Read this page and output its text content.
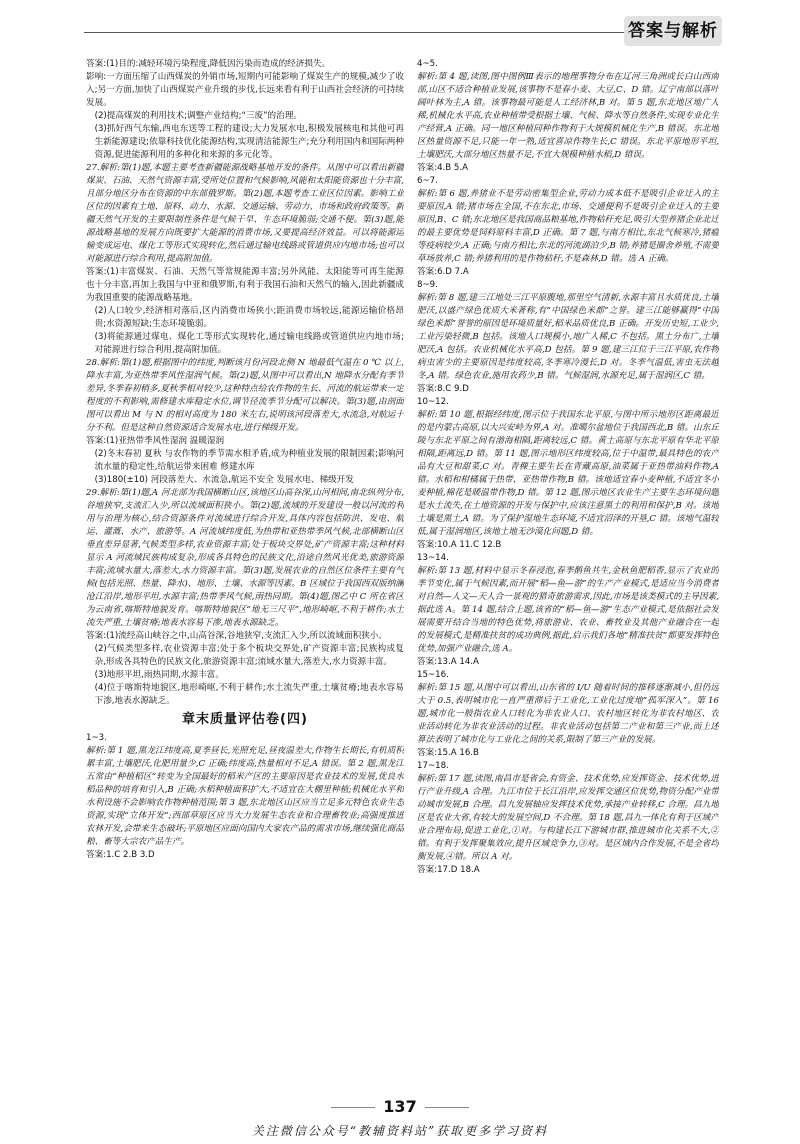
答案与解析

答案:(1)目的:减轻环境污染程度,降低因污染而造成的经济损失。

影响:一方面压缩了山西煤炭的外销市场,短期内可能影响了煤炭生产的规模,减少了收入;另一方面,加快了山西煤炭产业升级的步伐,长远来看有利于山西社会经济的可持续发展。

(2)提高煤炭的利用技术;调整产业结构;“三废”的治理。

(3)抓好西气东输,西电东送等工程的建设;大力发展水电,积极发展核电和其他可再生新能源建设;依靠科技优化能源结构,实现清洁能源生产;充分利用国内和国际两种资源,促进能源利用的多种化和来源的多元化等。

27.解析:第(1)题,本题主要考查新疆能源战略基地开发的条件。从图中可以看出新疆煤炭、石油、天然气资源丰富,受所处位置和气候影响,风能和太阳能资源也十分丰富,且部分地区分布在资源的中东部俄罗斯。第(2)题,本题考查工业区位因素。影响工业区位的因素有土地、原料、动力、水源、交通运输、劳动力、市场和政府政策等。新疆天然气开发的主要限制性条件是气候干旱、生态环境脆弱;交通不便。第(3)题,能源战略基地的发展方向既要扩大能源的消费市场,又要提高经济效益。可以将能源运输变成运电、煤化工等形式实现转化,然后通过输电线路或管道供应内地市场;也可以对能源进行综合利用,提高附加值。

答案:(1)丰富煤炭、石油、天然气等常规能源丰富;另外风能、太阳能等可再生能源也十分丰富,再加上我国与中亚和俄罗斯,有利于我国石油和天然气的输入,因此新疆成为我国重要的能源战略基地。

(2)人口较少,经济相对落后,区内消费市场狭小;距消费市场较远,能源运输价格昂贵;水资源短缺;生态环境脆弱。

(3)将能源通过煤电、煤化工等形式实现转化,通过输电线路或管道供应内地市场;对能源进行综合利用,提高附加值。

28.解析:第(1)题,根据图中的纬度,判断该月份河段北侧 N 地最低气温在 0 ℃ 以上,降水丰富,为亚热带季风性湿润气候。第(2)题,从图中可以看出,N 地降水分配有季节差异,冬季春初稍多,夏秋季相对较少,这种特点给农作物的生长、河流的航运带来一定程度的不利影响,需修建水库稳定水位,调节径流季节分配可以解决。第(3)题,由剖面图可以看出 M 与 N 的相对高度为 180 米左右,说明该河段落差大,水流急,对航运十分不利。但是这种自然资源适合发展水电,进行梯级开发。

答案:(1)亚热带季风性湿润 温暖湿润

(2)冬末春初 夏秋 与农作物的季节需水相矛盾,成为种植业发展的限制因素;影响河流水量的稳定性,给航运带来困难 修建水库

(3)180(±10) 河段落差大、水流急,航运不安全 发展水电、梯级开发

29.解析:第(1)题,A 河北部为我国横断山区,该地区山高谷深,山河相间,南北纵列分布,谷地狭窄,支流汇入少,所以流域面积狭小。第(2)题,流域的开发建设一般以河流的利用与治理为核心,结合资源条件对流域进行综合开发,具体内容包括防洪、发电、航运、灌溉、水产、旅游等。A 河流域纬度低,为热带和亚热带季风气候,北部横断山区垂直差异显著,气候类型多样,农业资源丰富;处于板块交界处,矿产资源丰富;这种材料显示 A 河流域民族构成复杂,形成各具特色的民族文化,沿途自然风光优美,旅游资源丰富;流域水量大,落差大,水力资源丰富。第(3)题,发展农业的自然区位条件主要有气候(包括光照、热量、降水)、地形、土壤、水源等因素。B 区域位于我国西双版纳澜沧江沿岸,地形平坦,水源丰富;热带季风气候,雨热同期。第(4)题,图乙中 C 所在省区为云南省,喀斯特地貌发育。喀斯特地貌区“地无三尺平”,地形崎岖,不利于耕作;水土流失严重,土壤贫瘠;地表水容易下渗,地表水源缺乏。

答案:(1)流经高山峡谷之中,山高谷深,谷地狭窄,支流汇入少,所以流域面积狭小。

(2)气候类型多样,农业资源丰富;处于多个板块交界处,矿产资源丰富;民族构成复杂,形成各具特色的民族文化,旅游资源丰富;流域水量大,落差大,水力资源丰富。

(3)地形平坦,雨热同期,水源丰富。

(4)位于喀斯特地貌区,地形崎岖,不利于耕作;水土流失严重,土壤贫瘠;地表水容易下渗,地表水源缺乏。

章末质量评估卷(四)

1~3.

解析:第 1 题,黑龙江纬度高,夏季昼长,光照充足,昼夜温差大,作物生长期长,有机质积累丰富,土壤肥沃,化肥用量少,C 正确;纬度高,热量相对不足,A 错误。第 2 题,黑龙江五常由“种植稻区”转变为全国最好的稻米产区的主要原因是农业技术的发展,优良水稻品种的培育和引入,B 正确;水稻种植面积扩大,不适宜在大棚里种植;机械化水平和水利设施不会影响农作物种植范围;第 3 题,东北地区山区应当立足多元特色农业生态资源,实现“立体开发”;西部草原区应当大力发展生态农业和合理畜牧业;高强度推进农林开发,会带来生态破坏;平原地区应面向国内大家农产品的需求市场,继续强化商品粮、畜等大宗农产品生产。

答案:1.C 2.B 3.D

4~5.

解析:第 4 题,读图,图中图例Ⅲ表示的地理事物分布在辽河三角洲或长白山西南部,山区不适合种植业发展,该事物不是春小麦、大豆,C、D 错。辽宁南部以落叶阔叶林为主,A 错。该事物最可能是人工经济林,B 对。第 5 题,东北地区地广人稀,机械化水平高,农业种植带受根据土壤、气候、降水等自然条件,实现专业化生产经营,A 正确。同一地区种植同种作物利于大规模机械化生产,B 错误。东北地区热量资源不足,只能一年一熟,适宜喜凉作物生长,C 错误。东北平原地形平坦,土壤肥沃,大部分地区热量不足,不宜大规模种植水稻,D 错误。

答案:4.B 5.A

6~7.

解析:第 6 题,养猪业不是劳动密集型企业,劳动力成本低不是吸引企业迁入的主要原因,A 错;猪市场在全国,不在东北,市场、交通便利不是吸引企业迁入的主要原因,B、C 错;东北地区是我国商品粮基地,作物秸秆充足,吸引大型养猪企业北迁的最主要优势是饲料原料丰富,D 正确。第 7 题,与南方相比,东北气候寒冷,猪瘟等疫病较少,A 正确;与南方相比,东北的河流湖泊少,B 错;养猪是圈舍养殖,不需要草场放养,C 错;养猪利用的是作物秸秆,不是森林,D 错。选 A 正确。

答案:6.D 7.A

8~9.

解析:第 8 题,建三江地处三江平原腹地,那里空气清新,水源丰富且水质优良,土壤肥沃,以盛产绿色优质大米著称,有“中国绿色米都”之誉。建三江能够赢得“中国绿色米都”誉誉的原因是环境质量好,稻米品质优良,B 正确。开发历史短,工业少,工业污染轻微,B 包括。该地人口规模小,地广人稀,C 不包括。黑土分布广,土壤肥沃,A 包括。农业机械化水平高,D 包括。第 9 题,建三江位于三江平原,农作物病虫害少的主要原因是纬度较高,冬季寒冷漫长,D 对。冬季气温低,害虫无法越冬,A 错。绿色农业,施用农药少,B 错。气候湿润,水源充足,属于湿润区,C 错。

答案:8.C 9.D

10~12.

解析:第 10 题,根据经纬度,图示位于我国东北平原,与图中所示地形区距离最近的是内蒙古高原,以大兴安岭为界,A 对。准噶尔盆地位于我国西北,B 错。山东丘陵与东北平原之间有渤海相隔,距离较远,C 错。黄土高原与东北平原有华北平原相隔,距离远,D 错。第 11 题,图示地形区纬度较高,位于中温带,最具特色的农产品有大豆和甜菜,C 对。青稞主要生长在青藏高原,油菜属于亚热带油料作物,A 错。水稻和柑橘属于热带、亚热带作物,B 错。该地适宜春小麦种植,不适宜冬小麦种植,棉花是暖温带作物,D 错。第 12 题,图示地区农业生产主要生态环境问题是水土流失,在土地资源的开发与保护中,应该注意黑土的利用和保护,B 对。该地土壤是黑土,A 错。为了保护湿地生态环境,不适宜沼泽的开垦,C 错。该地气温较低,属于湿润地区,该地土地无沙漠化问题,D 错。

答案:10.A 11.C 12.B

13~14.

解析:第 13 题,材料中显示冬春浸泡,春季鹅鱼共生,金秋鱼肥稻香,显示了农业的季节变化,属于气候因素,而开展“稻—鱼—游”的生产产业模式,是适应当今消费者对自然—人文—天人合一景观的猎奇旅游需求,因此,市场是该类模式的主导因素,据此选 A。第 14 题,结合上题,该省的“稻—鱼—游”生态产业模式,是依据社会发展需要开结合当地的特色优势,将旅游业、农业、畜牧业及其他产业融合在一起的发展模式,是精准扶贫的成功典例,据此,启示我们各地“精准扶贫”都要发挥特色优势,加强产业融合,选 A。

答案:13.A 14.A

15~16.

解析:第 15 题,从图中可以看出,山东省的 I/U 随着时间的推移逐渐减小,但仍远大于 0.5,表明城市化一直严重滞后于工业化,工业化过度地“孤军深入”。第 16 题,城市化一般指农业人口转化为非农业人口、农村地区转化为非农村地区、农业活动转化为非农业活动的过程。非农业活动包括第二产业和第三产业,而上述算法表明了城市化与工业化之间的关系,限制了第三产业的发展。

答案:15.A 16.B

17~18.

解析:第 17 题,读图,南昌市是省会,有资金、技术优势,应发挥资金、技术优势,进行产业升级,A 合理。九江市位于长江沿岸,应发挥交通区位优势,物资分配产业带动城市发展,B 合理。昌九发展轴应发挥技术优势,承接产业转移,C 合理。昌九地区是农业大省,有较大的发展空间,D 不合理。第 18 题,昌九一体化有利于区域产业合理布局,促进工业化,①对。与构建长江下游城市群,推进城市化关系不大,②错。有利于发挥聚集效应,提升区域竞争力,③对。是区域内合作发展,不是全省均衡发展,④错。所以 A 对。

答案:17.D 18.A

137
关注微信公众号“教辅资料站”获取更多学习资料
